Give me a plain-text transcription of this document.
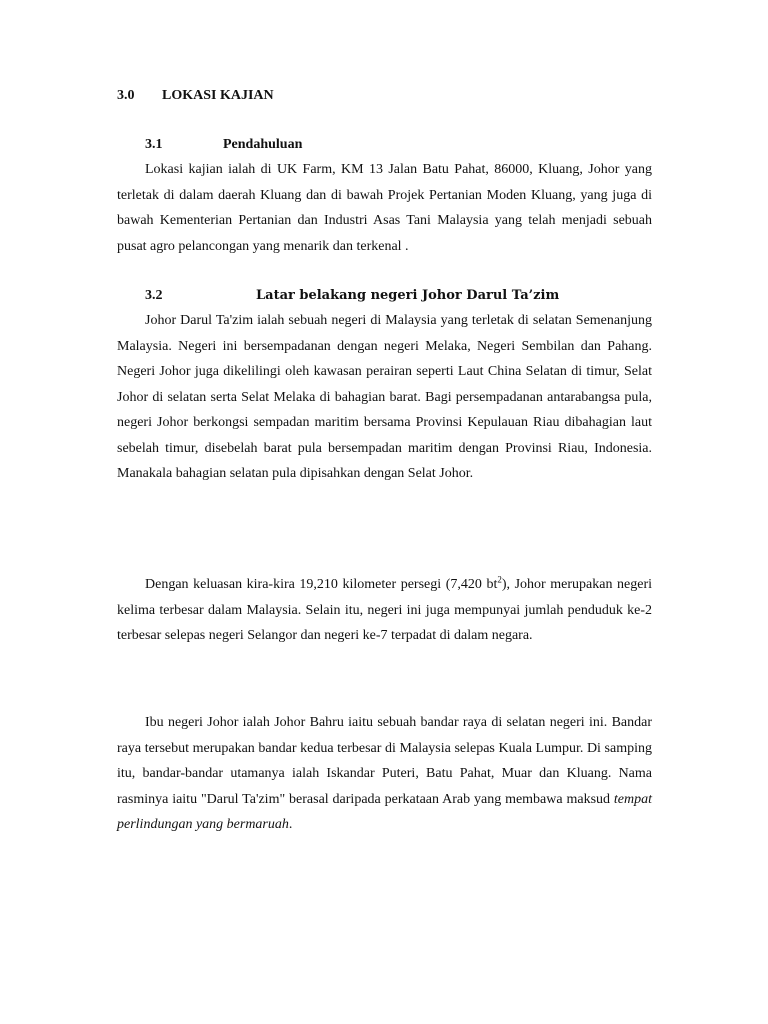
3.0 LOKASI KAJIAN
3.1	Pendahuluan

Lokasi kajian ialah di UK Farm, KM 13 Jalan Batu Pahat, 86000, Kluang, Johor yang terletak di dalam daerah Kluang dan di bawah Projek Pertanian Moden Kluang, yang juga di bawah Kementerian Pertanian dan Industri Asas Tani Malaysia yang telah menjadi sebuah pusat agro pelancongan yang menarik dan terkenal .

3.2	Latar belakang negeri Johor Darul Ta’zim

Johor Darul Ta'zim ialah sebuah negeri di Malaysia yang terletak di selatan Semenanjung Malaysia. Negeri ini bersempadanan dengan negeri Melaka, Negeri Sembilan dan Pahang. Negeri Johor juga dikelilingi oleh kawasan perairan seperti Laut China Selatan di timur, Selat Johor di selatan serta Selat Melaka di bahagian barat. Bagi persempadanan antarabangsa pula, negeri Johor berkongsi sempadan maritim bersama Provinsi Kepulauan Riau dibahagian laut sebelah timur, disebelah barat pula bersempadan maritim dengan Provinsi Riau, Indonesia. Manakala bahagian selatan pula dipisahkan dengan Selat Johor.

Dengan keluasan kira-kira 19,210 kilometer persegi (7,420 $bt^2$), Johor merupakan negeri kelima terbesar dalam Malaysia. Selain itu, negeri ini juga mempunyai jumlah penduduk ke-2 terbesar selepas negeri Selangor dan negeri ke-7 terpadat di dalam negara.

Ibu negeri Johor ialah Johor Bahru iaitu sebuah bandar raya di selatan negeri ini. Bandar raya tersebut merupakan bandar kedua terbesar di Malaysia selepas Kuala Lumpur. Di samping itu, bandar-bandar utamanya ialah Iskandar Puteri, Batu Pahat, Muar dan Kluang. Nama rasminya iaitu "Darul Ta'zim" berasal daripada perkataan Arab yang membawa maksud tempat perlindungan yang bermaruah.
